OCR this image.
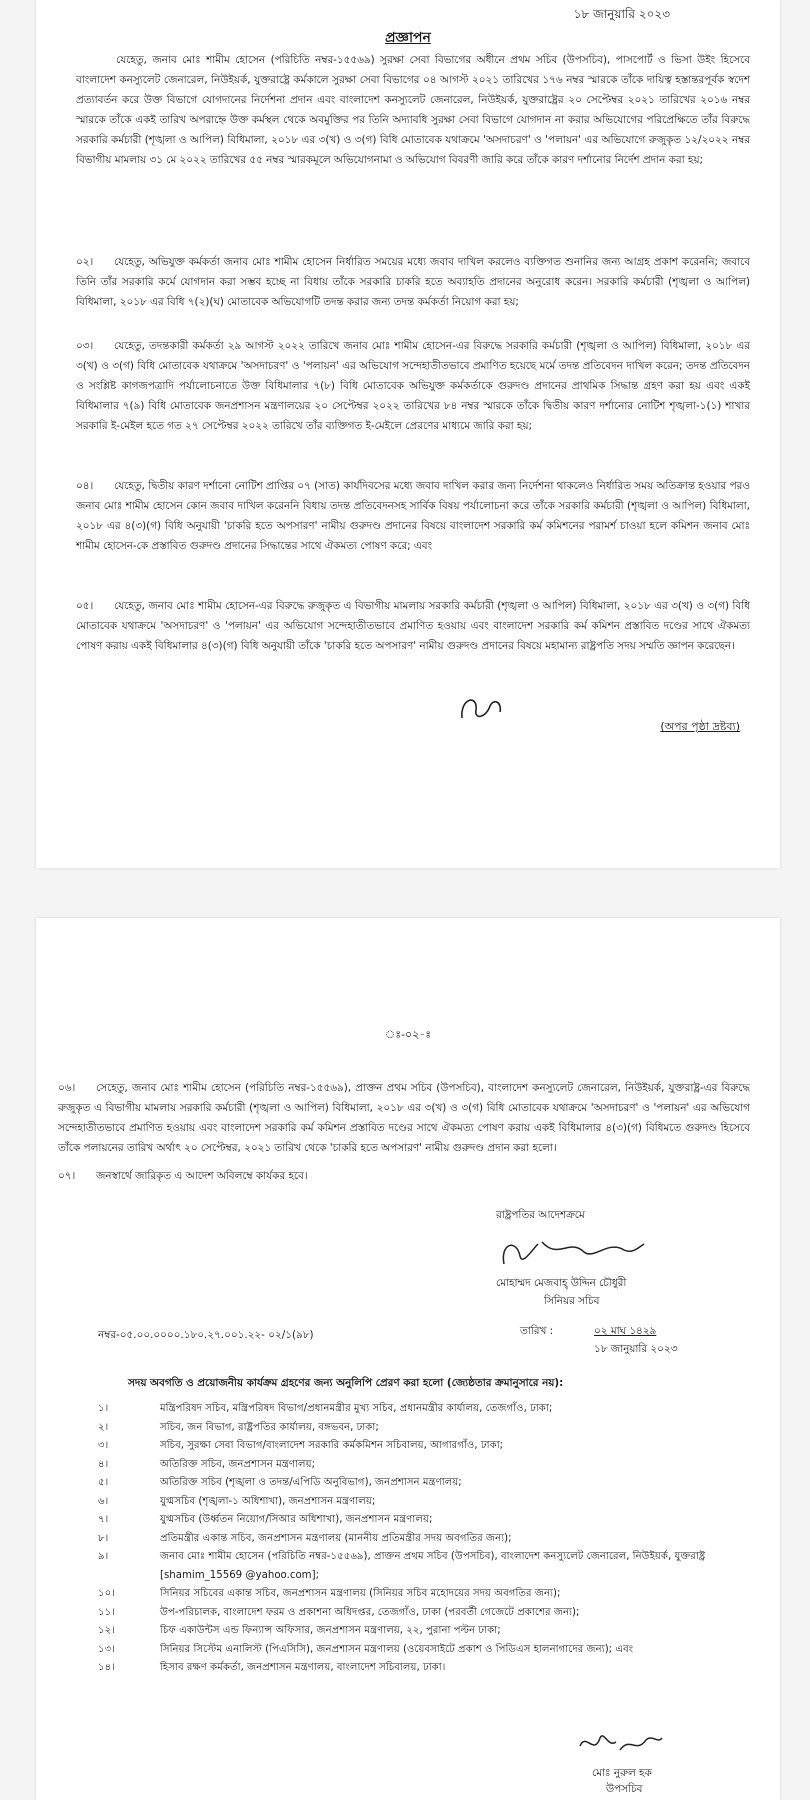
১৮ জানুয়ারি ২০২৩
প্রজ্ঞাপন

যেহেতু, জনাব মোঃ শামীম হোসেন (পরিচিতি নম্বর-১৫৫৬৯) সুরক্ষা সেবা বিভাগের অধীনে প্রথম সচিব (উপসচিব), পাসপোর্ট ও ভিসা উইং হিসেবে বাংলাদেশ কনস্যুলেট জেনারেল, নিউইয়র্ক, যুক্তরাষ্ট্রে কর্মকালে সুরক্ষা সেবা বিভাগের ০৪ আগস্ট ২০২১ তারিখের ১৭৬ নম্বর স্মারকে তাঁকে দায়িত্ব হস্তান্তরপূর্বক স্বদেশ প্রত্যাবর্তন করে উক্ত বিভাগে যোগদানের নির্দেশনা প্রদান এবং বাংলাদেশ কনস্যুলেট জেনারেল, নিউইয়র্ক, যুক্তরাষ্ট্রের ২০ সেপ্টেম্বর ২০২১ তারিখের ২০১৬ নম্বর স্মারকে তাঁকে একই তারিখ অপরাহ্নে উক্ত কর্মস্থল থেকে অবমুক্তির পর তিনি অদ্যাবধি সুরক্ষা সেবা বিভাগে যোগদান না করার অভিযোগের পরিপ্রেক্ষিতে তাঁর বিরুদ্ধে সরকারি কর্মচারী (শৃঙ্খলা ও আপিল) বিধিমালা, ২০১৮ এর ৩(খ) ও ৩(গ) বিধি মোতাবেক যথাক্রমে 'অসদাচরণ' ও 'পলায়ন' এর অভিযোগে রুজুকৃত ১২/২০২২ নম্বর বিভাগীয় মামলায় ৩১ মে ২০২২ তারিখের ৫৫ নম্বর স্মারকমূলে অভিযোগনামা ও অভিযোগ বিবরণী জারি করে তাঁকে কারণ দর্শানোর নির্দেশ প্রদান করা হয়;

০২। যেহেতু, অভিযুক্ত কর্মকর্তা জনাব মোঃ শামীম হোসেন নির্ধারিত সময়ের মধ্যে জবাব দাখিল করলেও ব্যক্তিগত শুনানির জন্য আগ্রহ প্রকাশ করেননি; জবাবে তিনি তাঁর সরকারি কর্মে যোগদান করা সম্ভব হচ্ছে না বিধায় তাঁকে সরকারি চাকরি হতে অব্যাহতি প্রদানের অনুরোধ করেন। সরকারি কর্মচারী (শৃঙ্খলা ও আপিল) বিধিমালা, ২০১৮ এর বিধি ৭(২)(ঘ) মোতাবেক অভিযোগটি তদন্ত করার জন্য তদন্ত কর্মকর্তা নিয়োগ করা হয়;

০৩। যেহেতু, তদন্তকারী কর্মকর্তা ২৯ আগস্ট ২০২২ তারিখে জনাব মোঃ শামীম হোসেন-এর বিরুদ্ধে সরকারি কর্মচারী (শৃঙ্খলা ও আপিল) বিধিমালা, ২০১৮ এর ৩(খ) ও ৩(গ) বিধি মোতাবেক যথাক্রমে 'অসদাচরণ' ও 'পলায়ন' এর অভিযোগ সন্দেহাতীতভাবে প্রমাণিত হয়েছে মর্মে তদন্ত প্রতিবেদন দাখিল করেন; তদন্ত প্রতিবেদন ও সংশ্লিষ্ট কাগজপত্রাদি পর্যালোচনাতে উক্ত বিধিমালার ৭(৮) বিধি মোতাবেক অভিযুক্ত কর্মকর্তাকে গুরুদণ্ড প্রদানের প্রাথমিক সিদ্ধান্ত গ্রহণ করা হয় এবং একই বিধিমালার ৭(৯) বিধি মোতাবেক জনপ্রশাসন মন্ত্রণালয়ের ২০ সেপ্টেম্বর ২০২২ তারিখের ৮৪ নম্বর স্মারকে তাঁকে দ্বিতীয় কারণ দর্শানোর নোটিশ শৃঙ্খলা-১(১) শাখার সরকারি ই-মেইল হতে গত ২৭ সেপ্টেম্বর ২০২২ তারিখে তাঁর ব্যক্তিগত ই-মেইলে প্রেরণের মাধ্যমে জারি করা হয়;

০৪। যেহেতু, দ্বিতীয় কারণ দর্শানো নোটিশ প্রাপ্তির ০৭ (সাত) কার্যদিবসের মধ্যে জবাব দাখিল করার জন্য নির্দেশনা থাকলেও নির্ধারিত সময় অতিক্রান্ত হওয়ার পরও জনাব মোঃ শামীম হোসেন কোন জবাব দাখিল করেননি বিধায় তদন্ত প্রতিবেদনসহ সার্বিক বিষয় পর্যালোচনা করে তাঁকে সরকারি কর্মচারী (শৃঙ্খলা ও আপিল) বিধিমালা, ২০১৮ এর ৪(৩)(গ) বিধি অনুযায়ী 'চাকরি হতে অপসারণ' নামীয় গুরুদণ্ড প্রদানের বিষয়ে বাংলাদেশ সরকারি কর্ম কমিশনের পরামর্শ চাওয়া হলে কমিশন জনাব মোঃ শামীম হোসেন-কে প্রস্তাবিত গুরুদণ্ড প্রদানের সিদ্ধান্তের সাথে ঐকমত্য পোষণ করে; এবং

০৫। যেহেতু, জনাব মোঃ শামীম হোসেন-এর বিরুদ্ধে রুজুকৃত এ বিভাগীয় মামলায় সরকারি কর্মচারী (শৃঙ্খলা ও আপিল) বিধিমালা, ২০১৮ এর ৩(খ) ও ৩(গ) বিধি মোতাবেক যথাক্রমে 'অসদাচরণ' ও 'পলায়ন' এর অভিযোগ সন্দেহাতীতভাবে প্রমাণিত হওয়ায় এবং বাংলাদেশ সরকারি কর্ম কমিশন প্রস্তাবিত দণ্ডের সাথে ঐকমত্য পোষণ করায় একই বিধিমালার ৪(৩)(গ) বিধি অনুযায়ী তাঁকে 'চাকরি হতে অপসারণ' নামীয় গুরুদণ্ড প্রদানের বিষয়ে মহামান্য রাষ্ট্রপতি সদয় সম্মতি জ্ঞাপন করেছেন।

(অপর পৃষ্ঠা দ্রষ্টব্য)
ঃ-০২-ঃ

০৬। সেহেতু, জনাব মোঃ শামীম হোসেন (পরিচিতি নম্বর-১৫৫৬৯), প্রাক্তন প্রথম সচিব (উপসচিব), বাংলাদেশ কনস্যুলেট জেনারেল, নিউইয়র্ক, যুক্তরাষ্ট্র-এর বিরুদ্ধে রুজুকৃত এ বিভাগীয় মামলায় সরকারি কর্মচারী (শৃঙ্খলা ও আপিল) বিধিমালা, ২০১৮ এর ৩(খ) ও ৩(গ) বিধি মোতাবেক যথাক্রমে 'অসদাচরণ' ও 'পলায়ন' এর অভিযোগ সন্দেহাতীতভাবে প্রমাণিত হওয়ায় এবং বাংলাদেশ সরকারি কর্ম কমিশন প্রস্তাবিত দণ্ডের সাথে ঐকমত্য পোষণ করায় একই বিধিমালার ৪(৩)(গ) বিধিমতে গুরুদণ্ড হিসেবে তাঁকে পলায়নের তারিখ অর্থাৎ ২০ সেপ্টেম্বর, ২০২১ তারিখ থেকে 'চাকরি হতে অপসারণ' নামীয় গুরুদণ্ড প্রদান করা হলো।

০৭। জনস্বার্থে জারিকৃত এ আদেশ অবিলম্বে কার্যকর হবে।

রাষ্ট্রপতির আদেশক্রমে
মোহাম্মদ মেজবাহ্ উদ্দিন চৌধুরী
সিনিয়র সচিব
নম্বর-০৫.০০.০০০০.১৮০.২৭.০০১.২২- ০২/১(৯৮)	তারিখ :	০২ মাঘ ১৪২৯
১৮ জানুয়ারি ২০২৩
সদয় অবগতি ও প্রয়োজনীয় কার্যক্রম গ্রহণের জন্য অনুলিপি প্রেরণ করা হলো (জ্যেষ্ঠতার ক্রমানুসারে নয়):
১।	মন্ত্রিপরিষদ সচিব, মন্ত্রিপরিষদ বিভাগ/প্রধানমন্ত্রীর মুখ্য সচিব, প্রধানমন্ত্রীর কার্যালয়, তেজগাঁও, ঢাকা;
২।	সচিব, জন বিভাগ, রাষ্ট্রপতির কার্যালয়, বঙ্গভবন, ঢাকা;
৩।	সচিব, সুরক্ষা সেবা বিভাগ/বাংলাদেশ সরকারি কর্মকমিশন সচিবালয়, আগারগাঁও, ঢাকা;
৪।	অতিরিক্ত সচিব, জনপ্রশাসন মন্ত্রণালয়;
৫।	অতিরিক্ত সচিব (শৃঙ্খলা ও তদন্ত/এপিডি অনুবিভাগ), জনপ্রশাসন মন্ত্রণালয়;
৬।	যুগ্মসচিব (শৃঙ্খলা-১ অধিশাখা), জনপ্রশাসন মন্ত্রণালয়;
৭।	যুগ্মসচিব (উর্ধ্বতন নিয়োগ/সিআর অধিশাখা), জনপ্রশাসন মন্ত্রণালয়;
৮।	প্রতিমন্ত্রীর একান্ত সচিব, জনপ্রশাসন মন্ত্রণালয় (মাননীয় প্রতিমন্ত্রীর সদয় অবগতির জন্য);
৯।	জনাব মোঃ শামীম হোসেন (পরিচিতি নম্বর-১৫৫৬৯), প্রাক্তন প্রথম সচিব (উপসচিব), বাংলাদেশ কনস্যুলেট জেনারেল, নিউইয়র্ক, যুক্তরাষ্ট্র [shamim_15569 @yahoo.com];
১০।	সিনিয়র সচিবের একান্ত সচিব, জনপ্রশাসন মন্ত্রণালয় (সিনিয়র সচিব মহোদয়ের সদয় অবগতির জন্য);
১১।	উপ-পরিচালক, বাংলাদেশ ফরম ও প্রকাশনা অধিদপ্তর, তেজগাঁও, ঢাকা (পরবর্তী গেজেটে প্রকাশের জন্য);
১২।	চিফ একাউন্টস এন্ড ফিন্যান্স অফিসার, জনপ্রশাসন মন্ত্রণালয়, ২২, পুরানা পল্টন ঢাকা;
১৩।	সিনিয়র সিস্টেম এনালিস্ট (পিএসিসি), জনপ্রশাসন মন্ত্রণালয় (ওয়েবসাইটে প্রকাশ ও পিডিএস হালনাগাদের জন্য); এবং
১৪।	হিসাব রক্ষণ কর্মকর্তা, জনপ্রশাসন মন্ত্রণালয়, বাংলাদেশ সচিবালয়, ঢাকা।
মোঃ নুরুল হক
উপসচিব
